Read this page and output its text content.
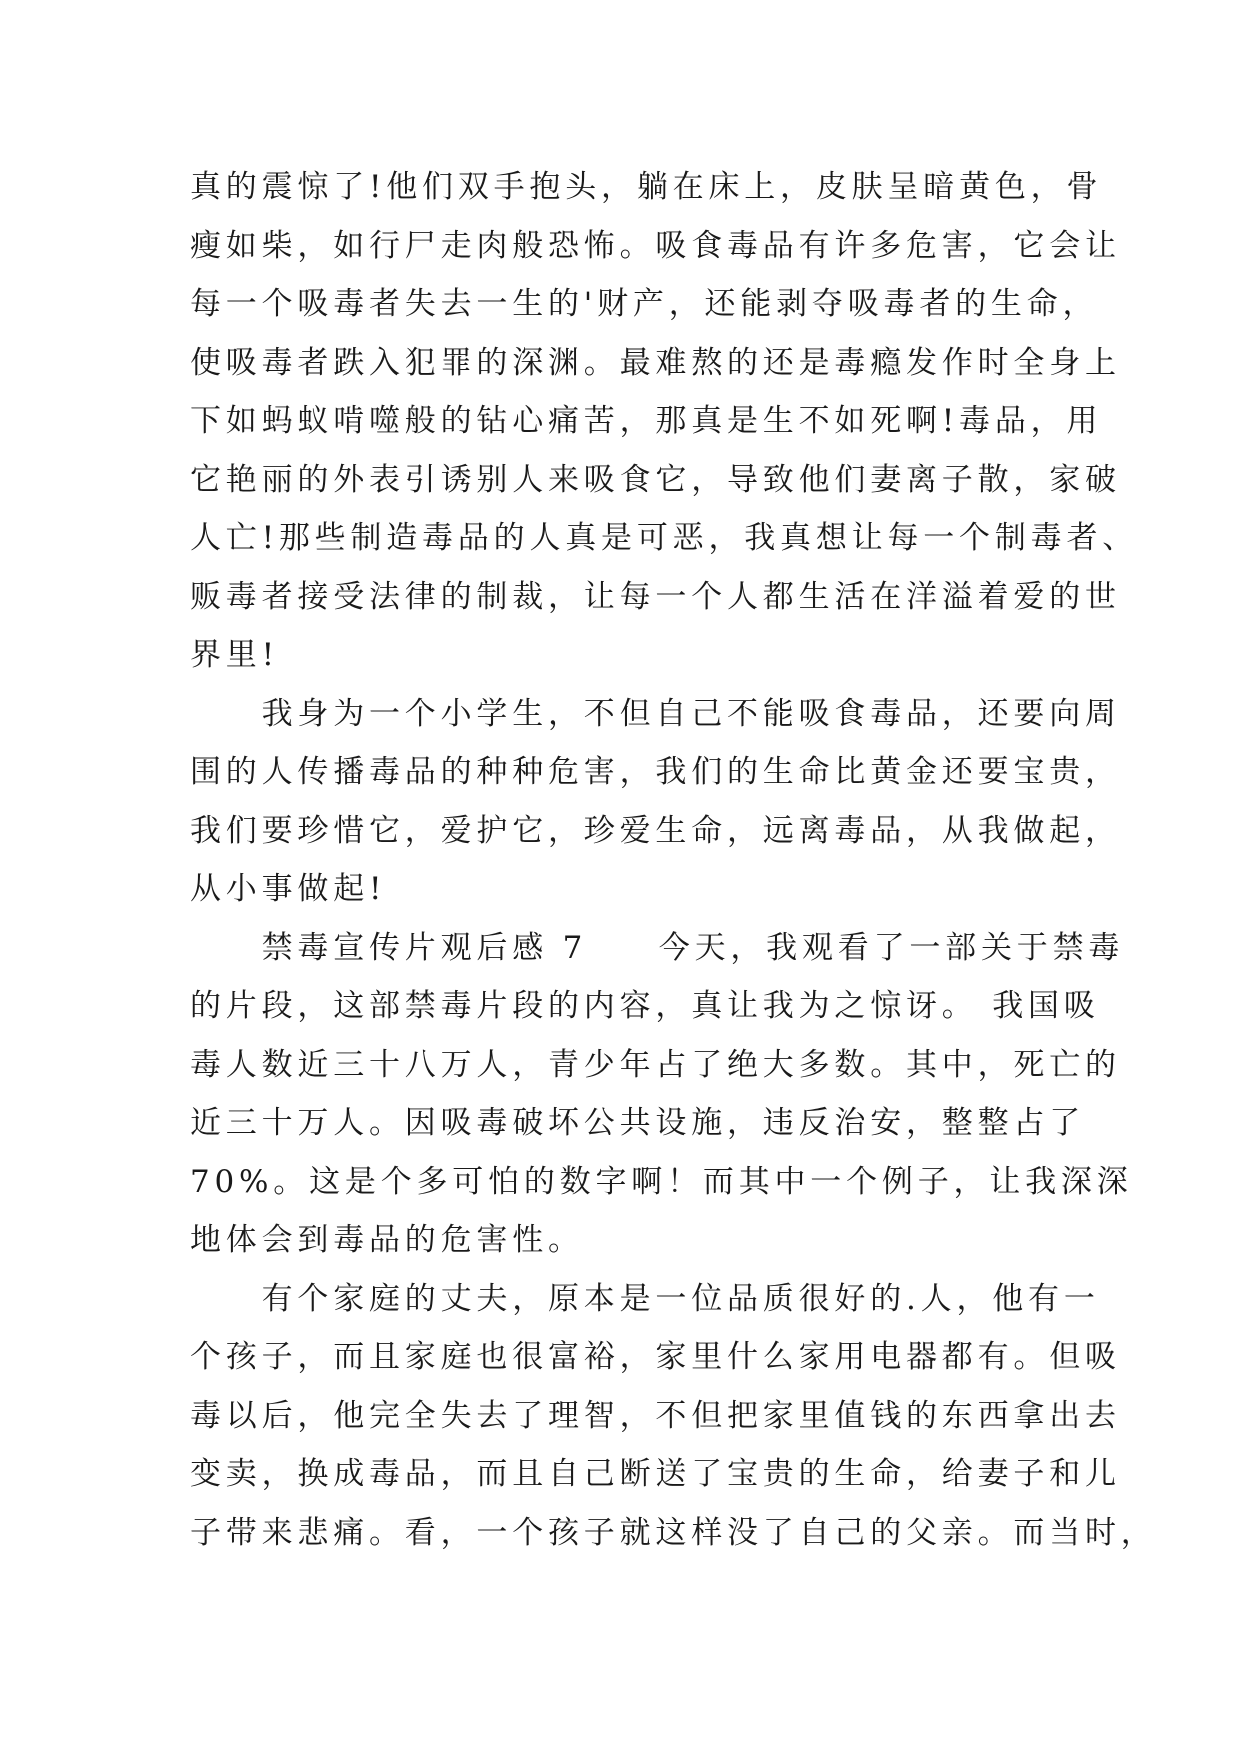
真的震惊了!他们双手抱头，躺在床上，皮肤呈暗黄色，骨
瘦如柴，如行尸走肉般恐怖。吸食毒品有许多危害，它会让
每一个吸毒者失去一生的'财产，还能剥夺吸毒者的生命，
使吸毒者跌入犯罪的深渊。最难熬的还是毒瘾发作时全身上
下如蚂蚁啃噬般的钻心痛苦，那真是生不如死啊!毒品，用
它艳丽的外表引诱别人来吸食它，导致他们妻离子散，家破
人亡!那些制造毒品的人真是可恶，我真想让每一个制毒者、
贩毒者接受法律的制裁，让每一个人都生活在洋溢着爱的世
界里!
　　我身为一个小学生，不但自己不能吸食毒品，还要向周
围的人传播毒品的种种危害，我们的生命比黄金还要宝贵，
我们要珍惜它，爱护它，珍爱生命，远离毒品，从我做起，
从小事做起!
　　禁毒宣传片观后感 7　　今天，我观看了一部关于禁毒
的片段，这部禁毒片段的内容，真让我为之惊讶。 我国吸
毒人数近三十八万人，青少年占了绝大多数。其中，死亡的
近三十万人。因吸毒破坏公共设施，违反治安，整整占了
70%。这是个多可怕的数字啊！而其中一个例子，让我深深
地体会到毒品的危害性。
　　有个家庭的丈夫，原本是一位品质很好的.人，他有一
个孩子，而且家庭也很富裕，家里什么家用电器都有。但吸
毒以后，他完全失去了理智，不但把家里值钱的东西拿出去
变卖，换成毒品，而且自己断送了宝贵的生命，给妻子和儿
子带来悲痛。看，一个孩子就这样没了自己的父亲。而当时，
